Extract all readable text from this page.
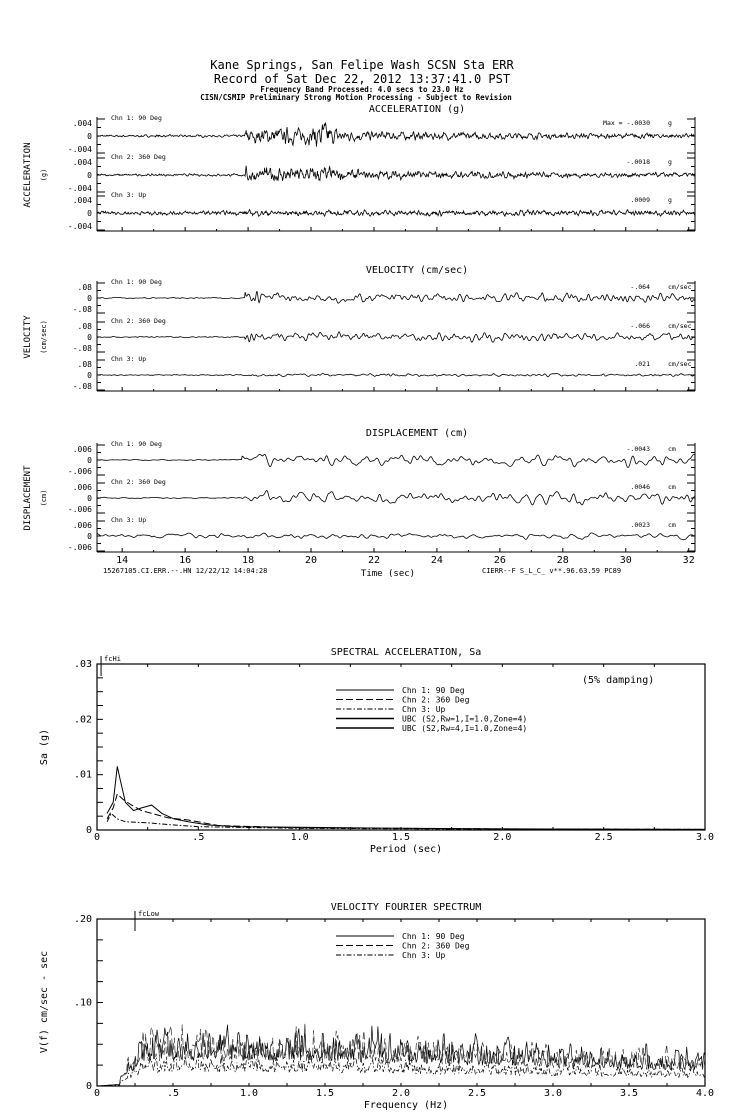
Kane Springs, San Felipe Wash SCSN Sta ERR
Record of Sat Dec 22, 2012 13:37:41.0 PST
Frequency Band Processed: 4.0 secs to 23.0 Hz
CISN/CSMIP Preliminary Strong Motion Processing - Subject to Revision
ACCELERATION (g)
ACCELERATION (g)
.004
0
-.004
Chn 1: 90 Deg
Max = -.0030	g
.004
0
-.004
Chn 2: 360 Deg
-.0018	g
.004
0
-.004
Chn 3: Up
.0009	g
VELOCITY (cm/sec)
VELOCITY (cm/sec)
.08
0
-.08
Chn 1: 90 Deg
-.064	cm/sec
.08
0
-.08
Chn 2: 360 Deg
-.066	cm/sec
.08
0
-.08
Chn 3: Up
.021	cm/sec
DISPLACEMENT (cm)
DISPLACEMENT (cm)
.006
0
-.006
Chn 1: 90 Deg
-.0043	cm
.006
0
-.006
Chn 2: 360 Deg
.0046	cm
.006
0
-.006
Chn 3: Up
.0023	cm
14	16	18	20	22	24	26	28	30	32
Time (sec)
SPECTRAL ACCELERATION, Sa
0	.5	1.0	1.5	2.0	2.5	3.0
.03
.02
.01
0
Period (sec)
fcHi
Sa (g)
(5% damping)
Chn 1: 90 Deg
Chn 2: 360 Deg
Chn 3: Up
UBC (S2,Rw=1,I=1.0,Zone=4)
UBC (S2,Rw=4,I=1.0,Zone=4)
VELOCITY FOURIER SPECTRUM
0	.5	1.0	1.5	2.0	2.5	3.0	3.5	4.0
.20
.10
0
Frequency (Hz)
fcLow
V(f) cm/sec - sec
Chn 1: 90 Deg
Chn 2: 360 Deg
Chn 3: Up
15267105.CI.ERR.--.HN 12/22/12 14:04:28	CIERR--F S_L_C_ v**.96.63.59 PC89
